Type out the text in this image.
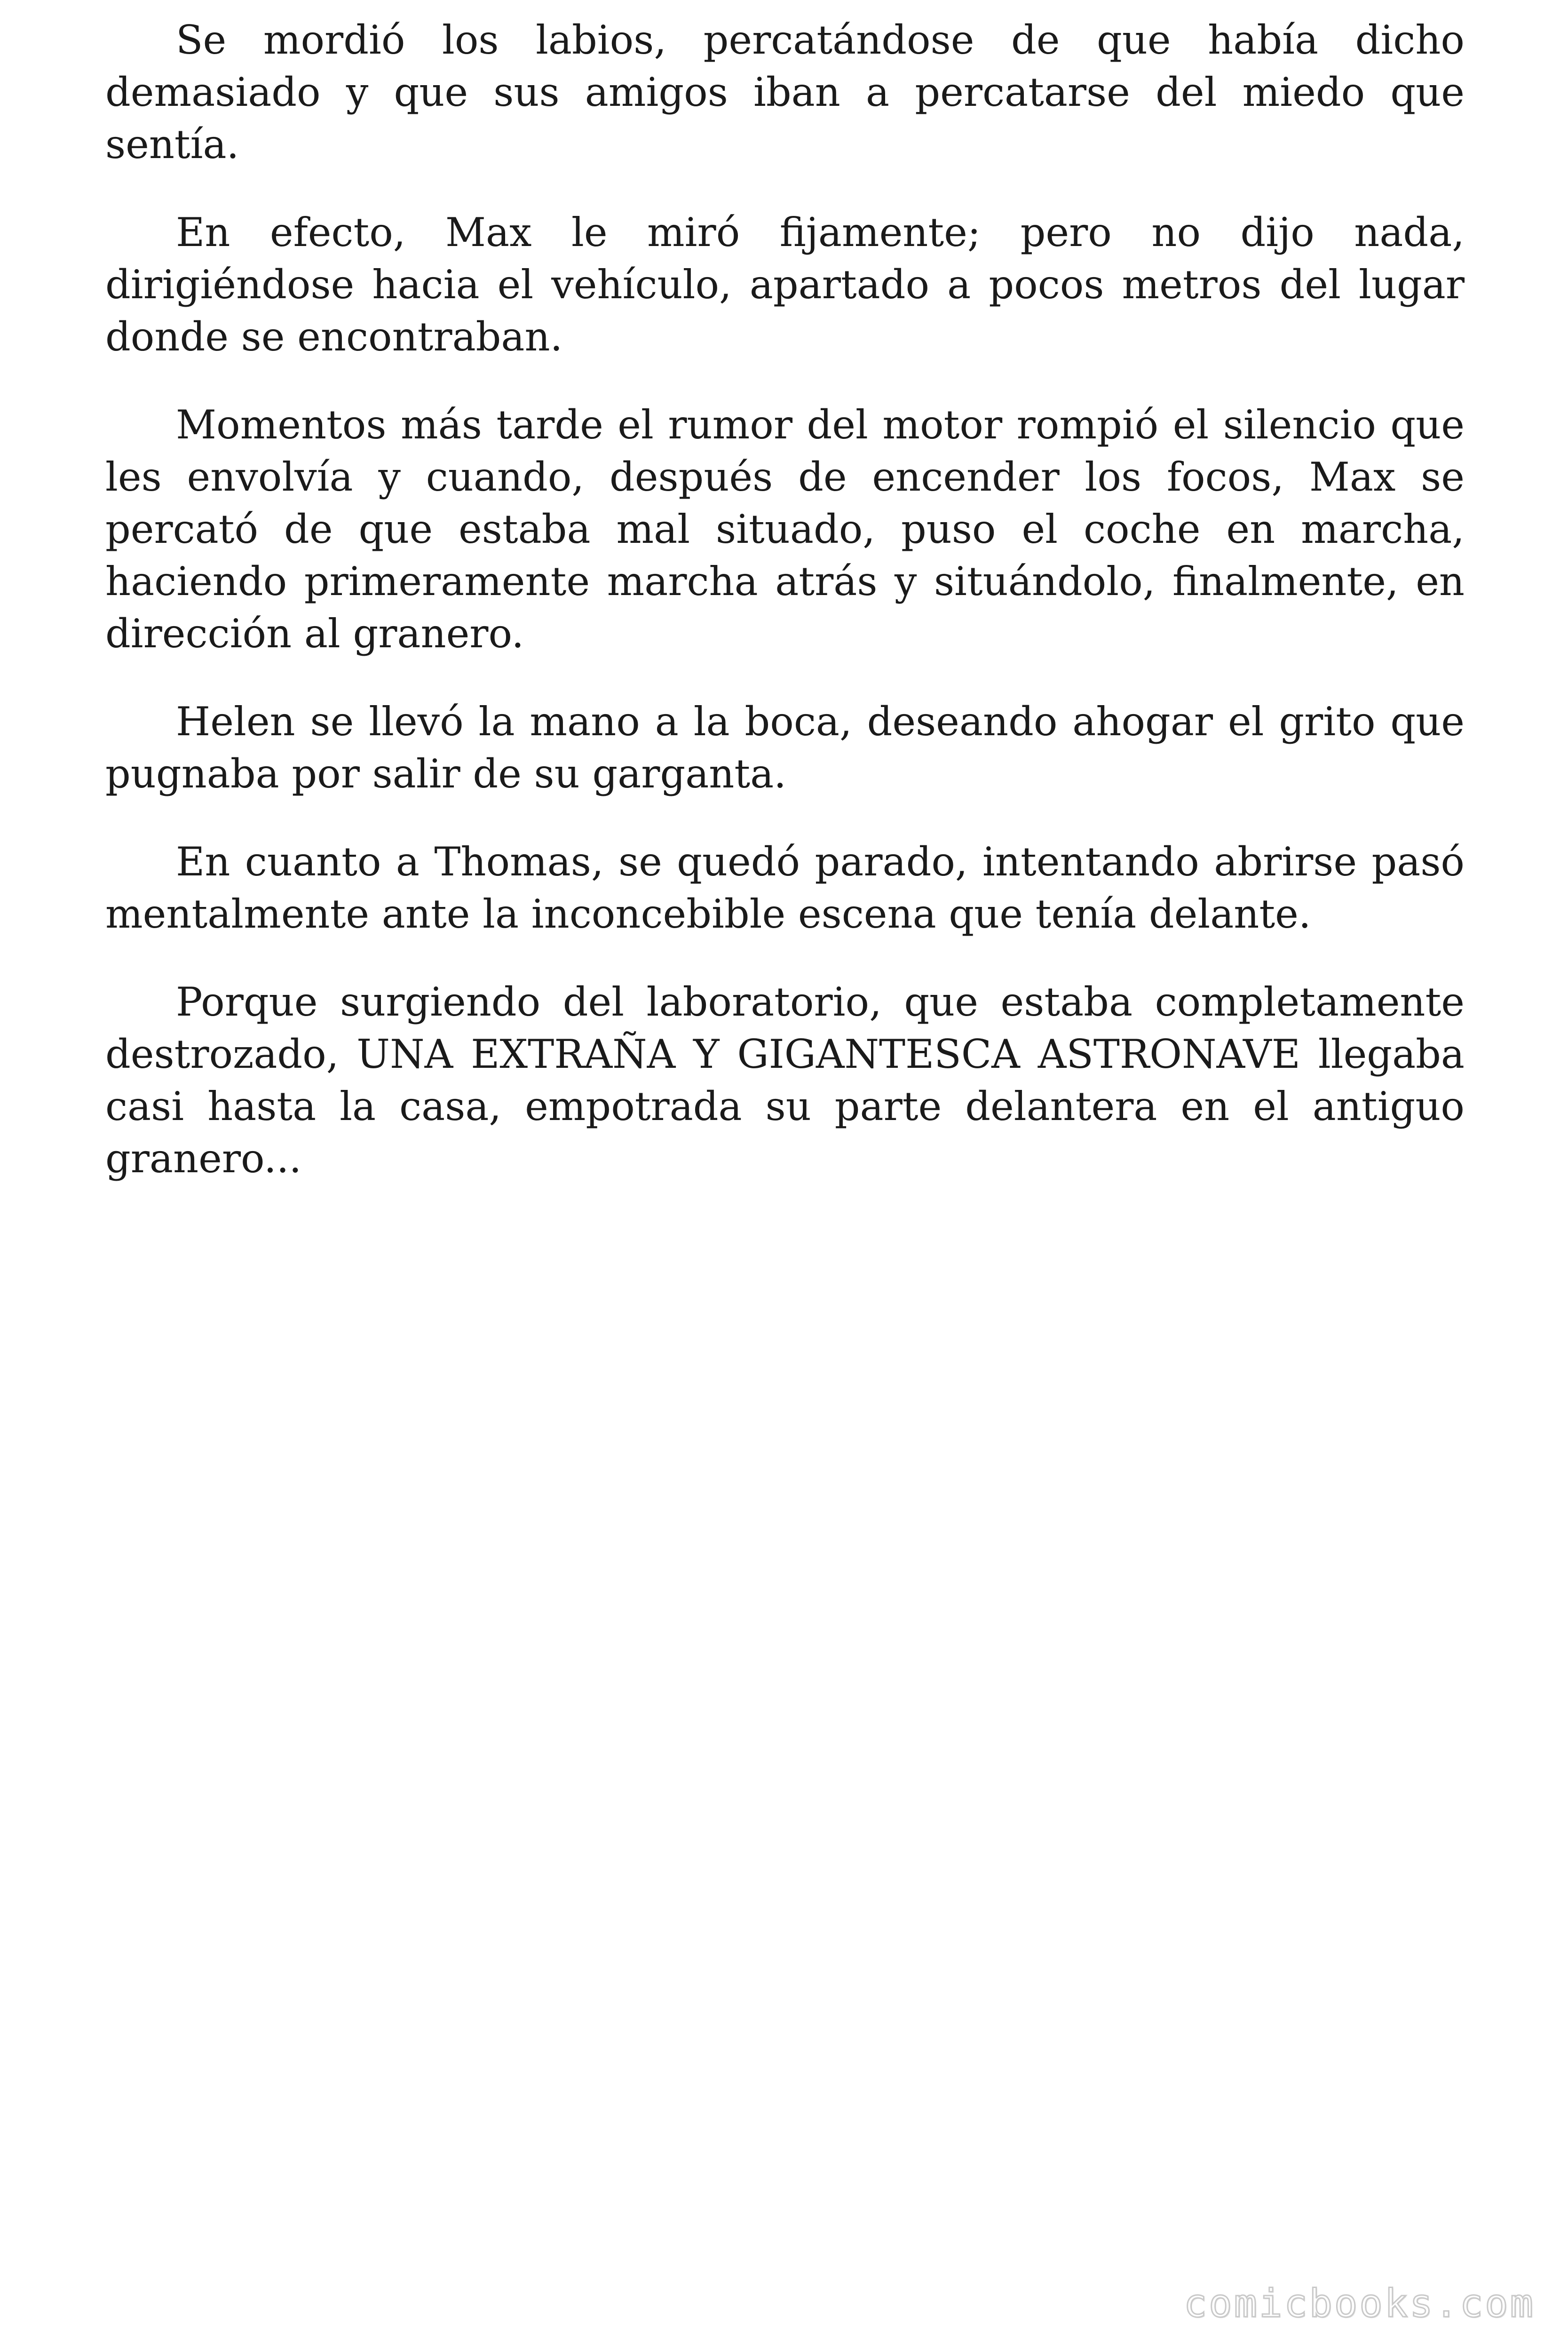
Se mordió los labios, percatándose de que había dicho demasiado y que sus amigos iban a percatarse del miedo que sentía.

En efecto, Max le miró fijamente; pero no dijo nada, dirigiéndose hacia el vehículo, apartado a pocos metros del lugar donde se encontraban.

Momentos más tarde el rumor del motor rompió el silencio que les envolvía y cuando, después de encender los focos, Max se percató de que estaba mal situado, puso el coche en marcha, haciendo primeramente marcha atrás y situándolo, finalmente, en dirección al granero.

Helen se llevó la mano a la boca, deseando ahogar el grito que pugnaba por salir de su garganta.

En cuanto a Thomas, se quedó parado, intentando abrirse pasó mentalmente ante la inconcebible escena que tenía delante.

Porque surgiendo del laboratorio, que estaba completamente destrozado, UNA EXTRAÑA Y GIGANTESCA ASTRONAVE llegaba casi hasta la casa, empotrada su parte delantera en el antiguo granero...

comicbooks.com
